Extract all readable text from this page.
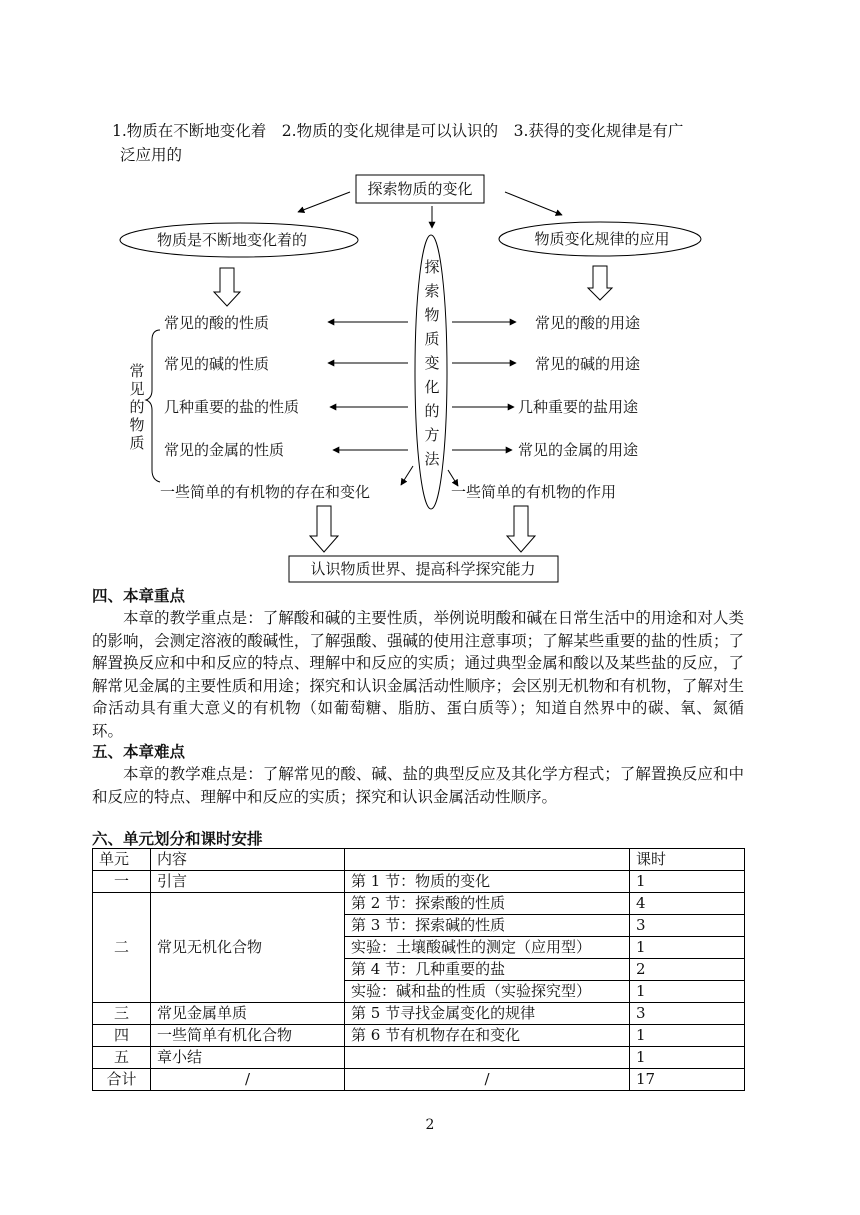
1.物质在不断地变化着　2.物质的变化规律是可以认识的　3.获得的变化规律是有广
泛应用的
探索物质的变化
物质是不断地变化着的	物质变化规律的应用
探
索
物
质
变
化
的
方
法
常
见
的
物
质
常见的酸的性质
常见的碱的性质
几种重要的盐的性质
常见的金属的性质
一些简单的有机物的存在和变化
常见的酸的用途
常见的碱的用途
几种重要的盐用途
常见的金属的用途
一些简单的有机物的作用
认识物质世界、提高科学探究能力
四、本章重点
本章的教学重点是：了解酸和碱的主要性质，举例说明酸和碱在日常生活中的用途和对人类的影响，会测定溶液的酸碱性，了解强酸、强碱的使用注意事项；了解某些重要的盐的性质；了解置换反应和中和反应的特点、理解中和反应的实质；通过典型金属和酸以及某些盐的反应，了解常见金属的主要性质和用途；探究和认识金属活动性顺序；会区别无机物和有机物，了解对生命活动具有重大意义的有机物（如葡萄糖、脂肪、蛋白质等）；知道自然界中的碳、氧、氮循环。
五、本章难点
本章的教学难点是：了解常见的酸、碱、盐的典型反应及其化学方程式；了解置换反应和中和反应的特点、理解中和反应的实质；探究和认识金属活动性顺序。
六、单元划分和课时安排
单元	内容		课时
一	引言	第 1 节：物质的变化	1
二	常见无机化合物	第 2 节：探索酸的性质	4
		第 3 节：探索碱的性质	3
		实验：土壤酸碱性的测定（应用型）	1
		第 4 节：几种重要的盐	2
		实验：碱和盐的性质（实验探究型）	1
三	常见金属单质	第 5 节寻找金属变化的规律	3
四	一些简单有机化合物	第 6 节有机物存在和变化	1
五	章小结		1
合计	/	/	17
2
